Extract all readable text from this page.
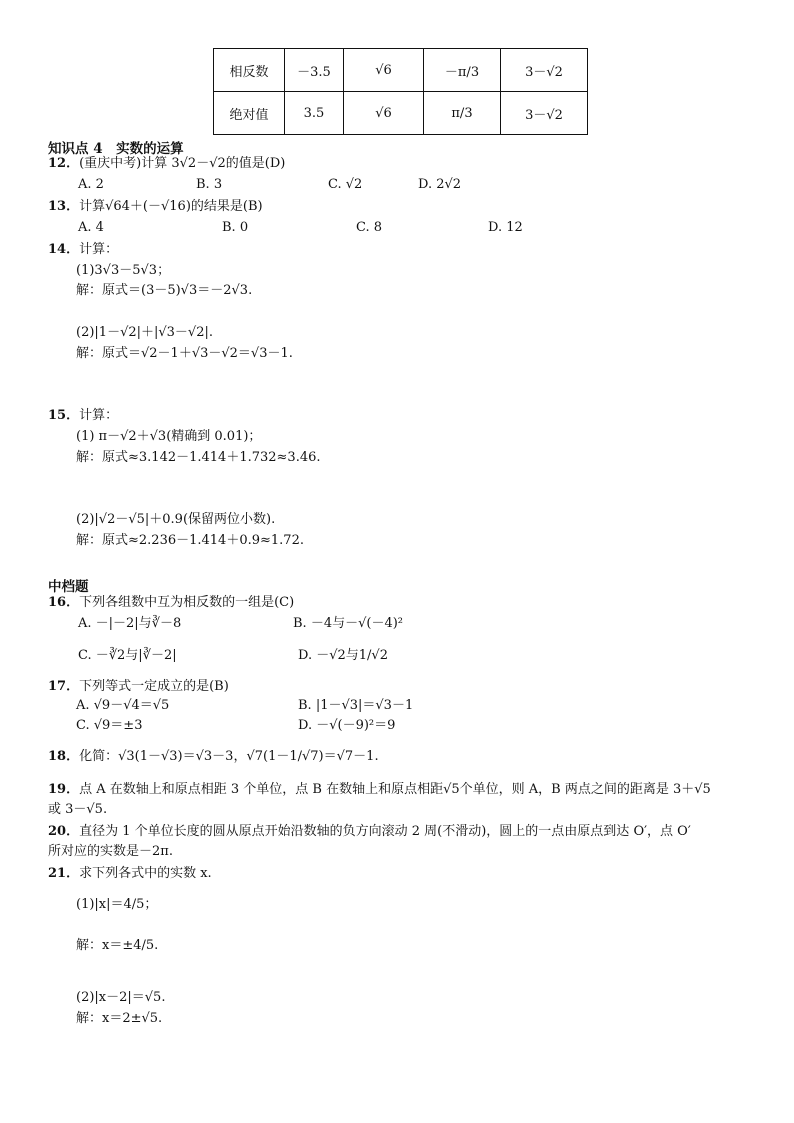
相反数	－3.5	√6	－π/3	3－√2
绝对值	3.5	√6	π/3	3－√2
知识点 4　实数的运算
12．(重庆中考)计算 3√2－√2的值是(D)
A. 2	B. 3	C. √2	D. 2√2
13．计算√64＋(－√16)的结果是(B)
A. 4	B. 0	C. 8	D. 12
14．计算：
(1)3√3－5√3；
解：原式＝(3－5)√3＝－2√3.
(2)|1－√2|＋|√3－√2|.
解：原式＝√2－1＋√3－√2＝√3－1.
15．计算：
(1) π－√2＋√3(精确到 0.01)；
解：原式≈3.142－1.414＋1.732≈3.46.
(2)|√2－√5|＋0.9(保留两位小数).
解：原式≈2.236－1.414＋0.9≈1.72.
中档题
16．下列各组数中互为相反数的一组是(C)
A. －|－2|与∛－8	B. －4与－√(－4)²
C. －∛2与|∛－2|	D. －√2与1/√2
17．下列等式一定成立的是(B)
A. √9－√4＝√5	B. |1－√3|＝√3－1
C. √9＝±3	D. －√(－9)²＝9
18．化简：√3(1－√3)＝√3－3，√7(1－1/√7)＝√7－1.
19．点 A 在数轴上和原点相距 3 个单位，点 B 在数轴上和原点相距√5个单位，则 A，B 两点之间的距离是 3＋√5
或 3－√5.
20．直径为 1 个单位长度的圆从原点开始沿数轴的负方向滚动 2 周(不滑动)，圆上的一点由原点到达 O′，点 O′
所对应的实数是－2π.
21．求下列各式中的实数 x.
(1)|x|＝4/5；
解：x＝±4/5.
(2)|x－2|＝√5.
解：x＝2±√5.
